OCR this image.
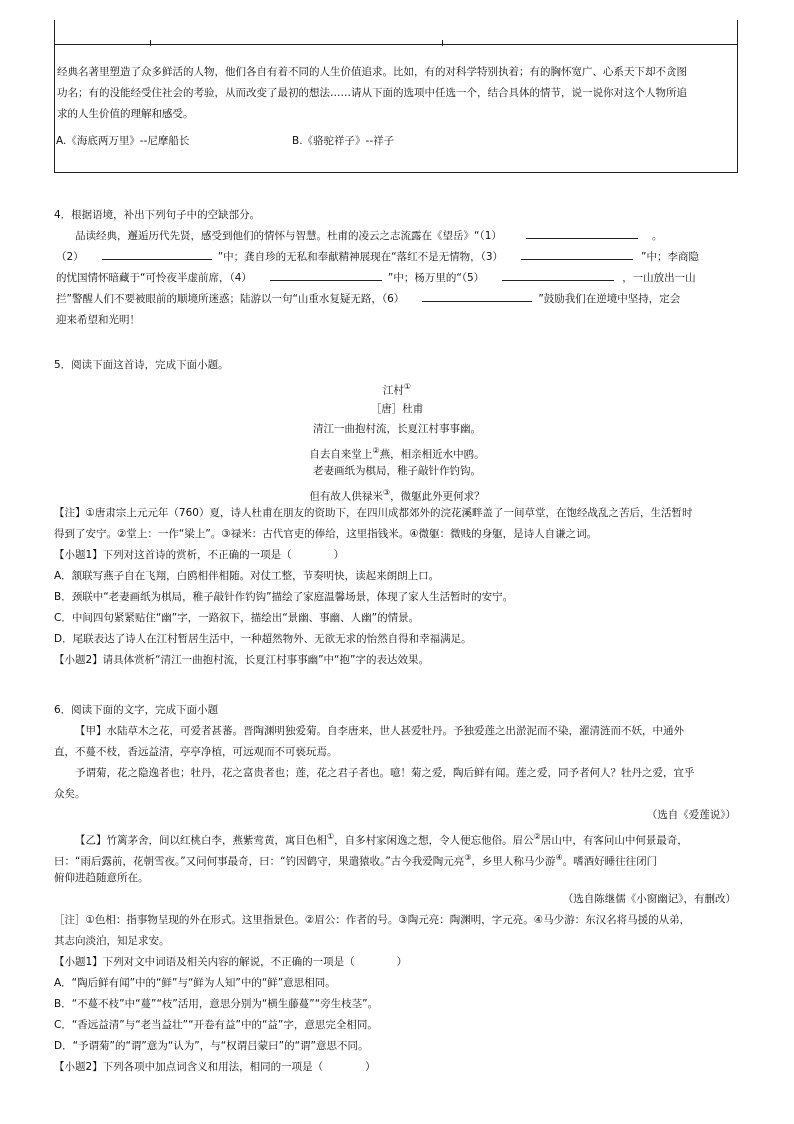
经典名著里塑造了众多鲜活的人物，他们各自有着不同的人生价值追求。比如，有的对科学特别执着；有的胸怀宽广、心系天下却不贪图
功名；有的没能经受住社会的考验，从而改变了最初的想法……请从下面的选项中任选一个，结合具体的情节，说一说你对这个人物所追
求的人生价值的理解和感受。
A.《海底两万里》--尼摩船长	B.《骆驼祥子》--祥子
4．根据语境，补出下列句子中的空缺部分。
品读经典，邂逅历代先贤，感受到他们的情怀与智慧。杜甫的凌云之志流露在《望岳》“（1）	。
（2）	”中；龚自珍的无私和奉献精神展现在“落红不是无情物，（3）	”中；李商隐
的忧国情怀暗藏于“可怜夜半虚前席，（4）	”中；杨万里的“（5）	，一山放出一山
拦”警醒人们不要被眼前的顺境所迷惑；陆游以一句“山重水复疑无路，（6）	”鼓励我们在逆境中坚持，定会
迎来希望和光明！
5．阅读下面这首诗，完成下面小题。
江村①
［唐］杜甫
清江一曲抱村流，长夏江村事事幽。
自去自来堂上②燕，相亲相近水中鸥。
老妻画纸为棋局，稚子敲针作钓钩。
但有故人供禄米③，微躯此外更何求？
【注】①唐肃宗上元元年（760）夏，诗人杜甫在朋友的资助下，在四川成都郊外的浣花溪畔盖了一间草堂，在饱经战乱之苦后，生活暂时
得到了安宁。②堂上：一作“梁上”。③禄米：古代官吏的俸给，这里指钱米。④微躯：微贱的身躯，是诗人自谦之词。
【小题1】下列对这首诗的赏析，不正确的一项是（　　　　）
A．颔联写燕子自在飞翔，白鸥相伴相随。对仗工整，节奏明快，读起来朗朗上口。
B．颈联中“老妻画纸为棋局，稚子敲针作钓钩”描绘了家庭温馨场景，体现了家人生活暂时的安宁。
C．中间四句紧紧贴住“幽”字，一路叙下，描绘出“景幽、事幽、人幽”的情景。
D．尾联表达了诗人在江村暂居生活中，一种超然物外、无欲无求的怡然自得和幸福满足。
【小题2】请具体赏析“清江一曲抱村流，长夏江村事事幽”中“抱”字的表达效果。
6．阅读下面的文字，完成下面小题
【甲】水陆草木之花，可爱者甚蕃。晋陶渊明独爱菊。自李唐来，世人甚爱牡丹。予独爱莲之出淤泥而不染，濯清涟而不妖，中通外
直，不蔓不枝，香远益清，亭亭净植，可远观而不可亵玩焉。
予谓菊，花之隐逸者也；牡丹，花之富贵者也；莲，花之君子者也。噫！菊之爱，陶后鲜有闻。莲之爱，同予者何人？牡丹之爱，宜乎
众矣。
（选自《爱莲说》）
【乙】竹篱茅舍，间以红桃白李，燕紫莺黄，寓目色相①，自多村家闲逸之想，令人便忘他俗。眉公②居山中，有客问山中何景最奇，
曰：“雨后露前，花朝雪夜。”又问何事最奇，曰：“钓因鹤守，果遣猿收。”古今我爱陶元亮③，乡里人称马少游④。嗜酒好睡往往闭门
俯仰进趋随意所在。
（选自陈继儒《小窗幽记》，有删改）
［注］①色相：指事物呈现的外在形式。这里指景色。②眉公：作者的号。③陶元亮：陶渊明，字元亮。④马少游：东汉名将马援的从弟，
其志向淡泊，知足求安。
【小题1】下列对文中词语及相关内容的解说，不正确的一项是（　　　　）
A．“陶后鲜有闻”中的“鲜”与“鲜为人知”中的“鲜”意思相同。
B．“不蔓不枝”中“蔓”“枝”活用，意思分别为“横生藤蔓”“旁生枝茎”。
C．“香远益清”与“老当益壮”“开卷有益”中的“益”字，意思完全相同。
D．“予谓菊”的“谓”意为“认为”，与“权谓吕蒙曰”的“谓”意思不同。
【小题2】下列各项中加点词含义和用法，相同的一项是（　　　　）
